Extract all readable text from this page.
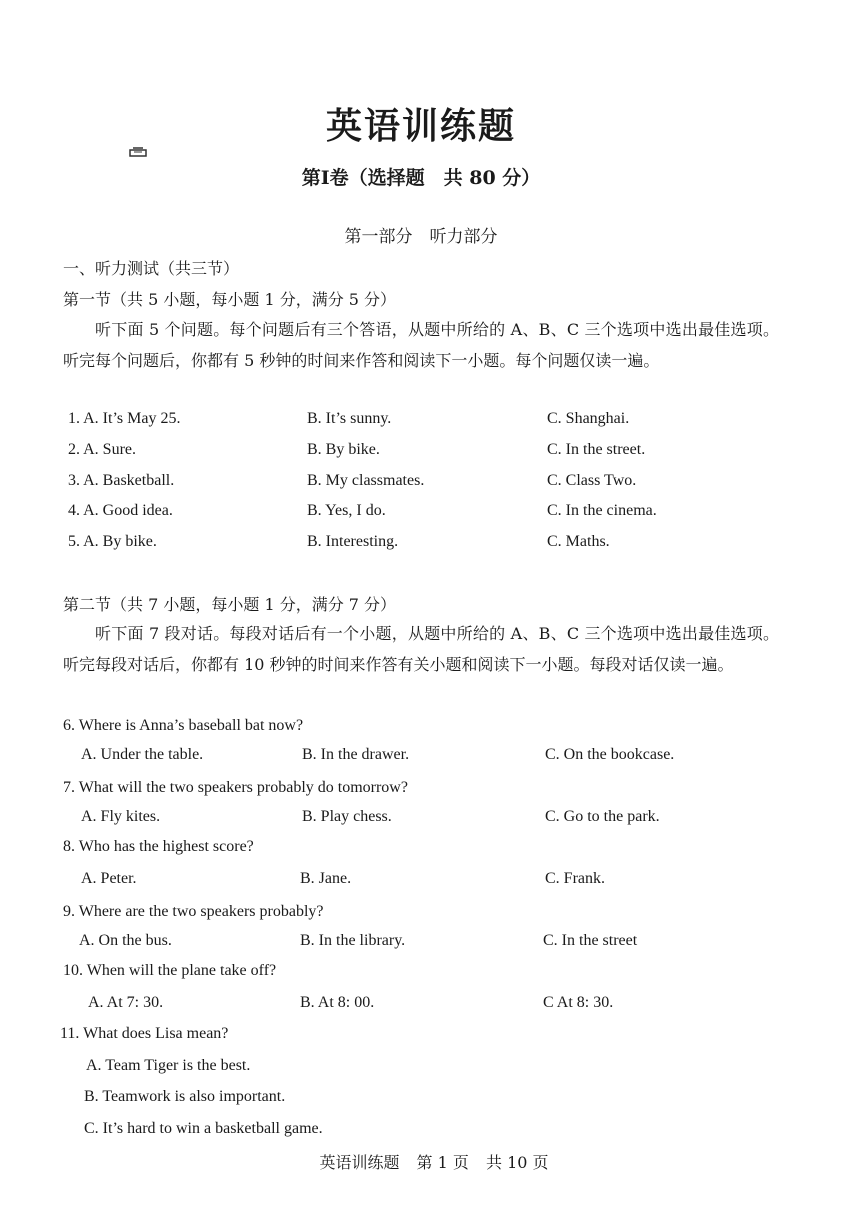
英语训练题
第Ⅰ卷（选择题　共 80 分）
第一部分　听力部分
一、听力测试（共三节）
第一节（共 5 小题，每小题 1 分，满分 5 分）
听下面 5 个问题。每个问题后有三个答语，从题中所给的 A、B、C 三个选项中选出最佳选项。听完每个问题后，你都有 5 秒钟的时间来作答和阅读下一小题。每个问题仅读一遍。
1. A. It’s May 25.	B. It’s sunny.	C. Shanghai.
2. A. Sure.	B. By bike.	C. In the street.
3. A. Basketball.	B. My classmates.	C. Class Two.
4. A. Good idea.	B. Yes, I do.	C. In the cinema.
5. A. By bike.	B. Interesting.	C. Maths.
第二节（共 7 小题，每小题 1 分，满分 7 分）
听下面 7 段对话。每段对话后有一个小题，从题中所给的 A、B、C 三个选项中选出最佳选项。听完每段对话后，你都有 10 秒钟的时间来作答有关小题和阅读下一小题。每段对话仅读一遍。
6. Where is Anna’s baseball bat now?
A. Under the table.	B. In the drawer.	C. On the bookcase.
7. What will the two speakers probably do tomorrow?
A. Fly kites.	B. Play chess.	C. Go to the park.
8. Who has the highest score?
A. Peter.	B. Jane.	C. Frank.
9. Where are the two speakers probably?
A. On the bus.	B. In the library.	C. In the street
10. When will the plane take off?
A. At 7: 30.	B. At 8: 00.	C At 8: 30.
11. What does Lisa mean?
A. Team Tiger is the best.
B. Teamwork is also important.
C. It’s hard to win a basketball game.
英语训练题 第 1 页 共 10 页
